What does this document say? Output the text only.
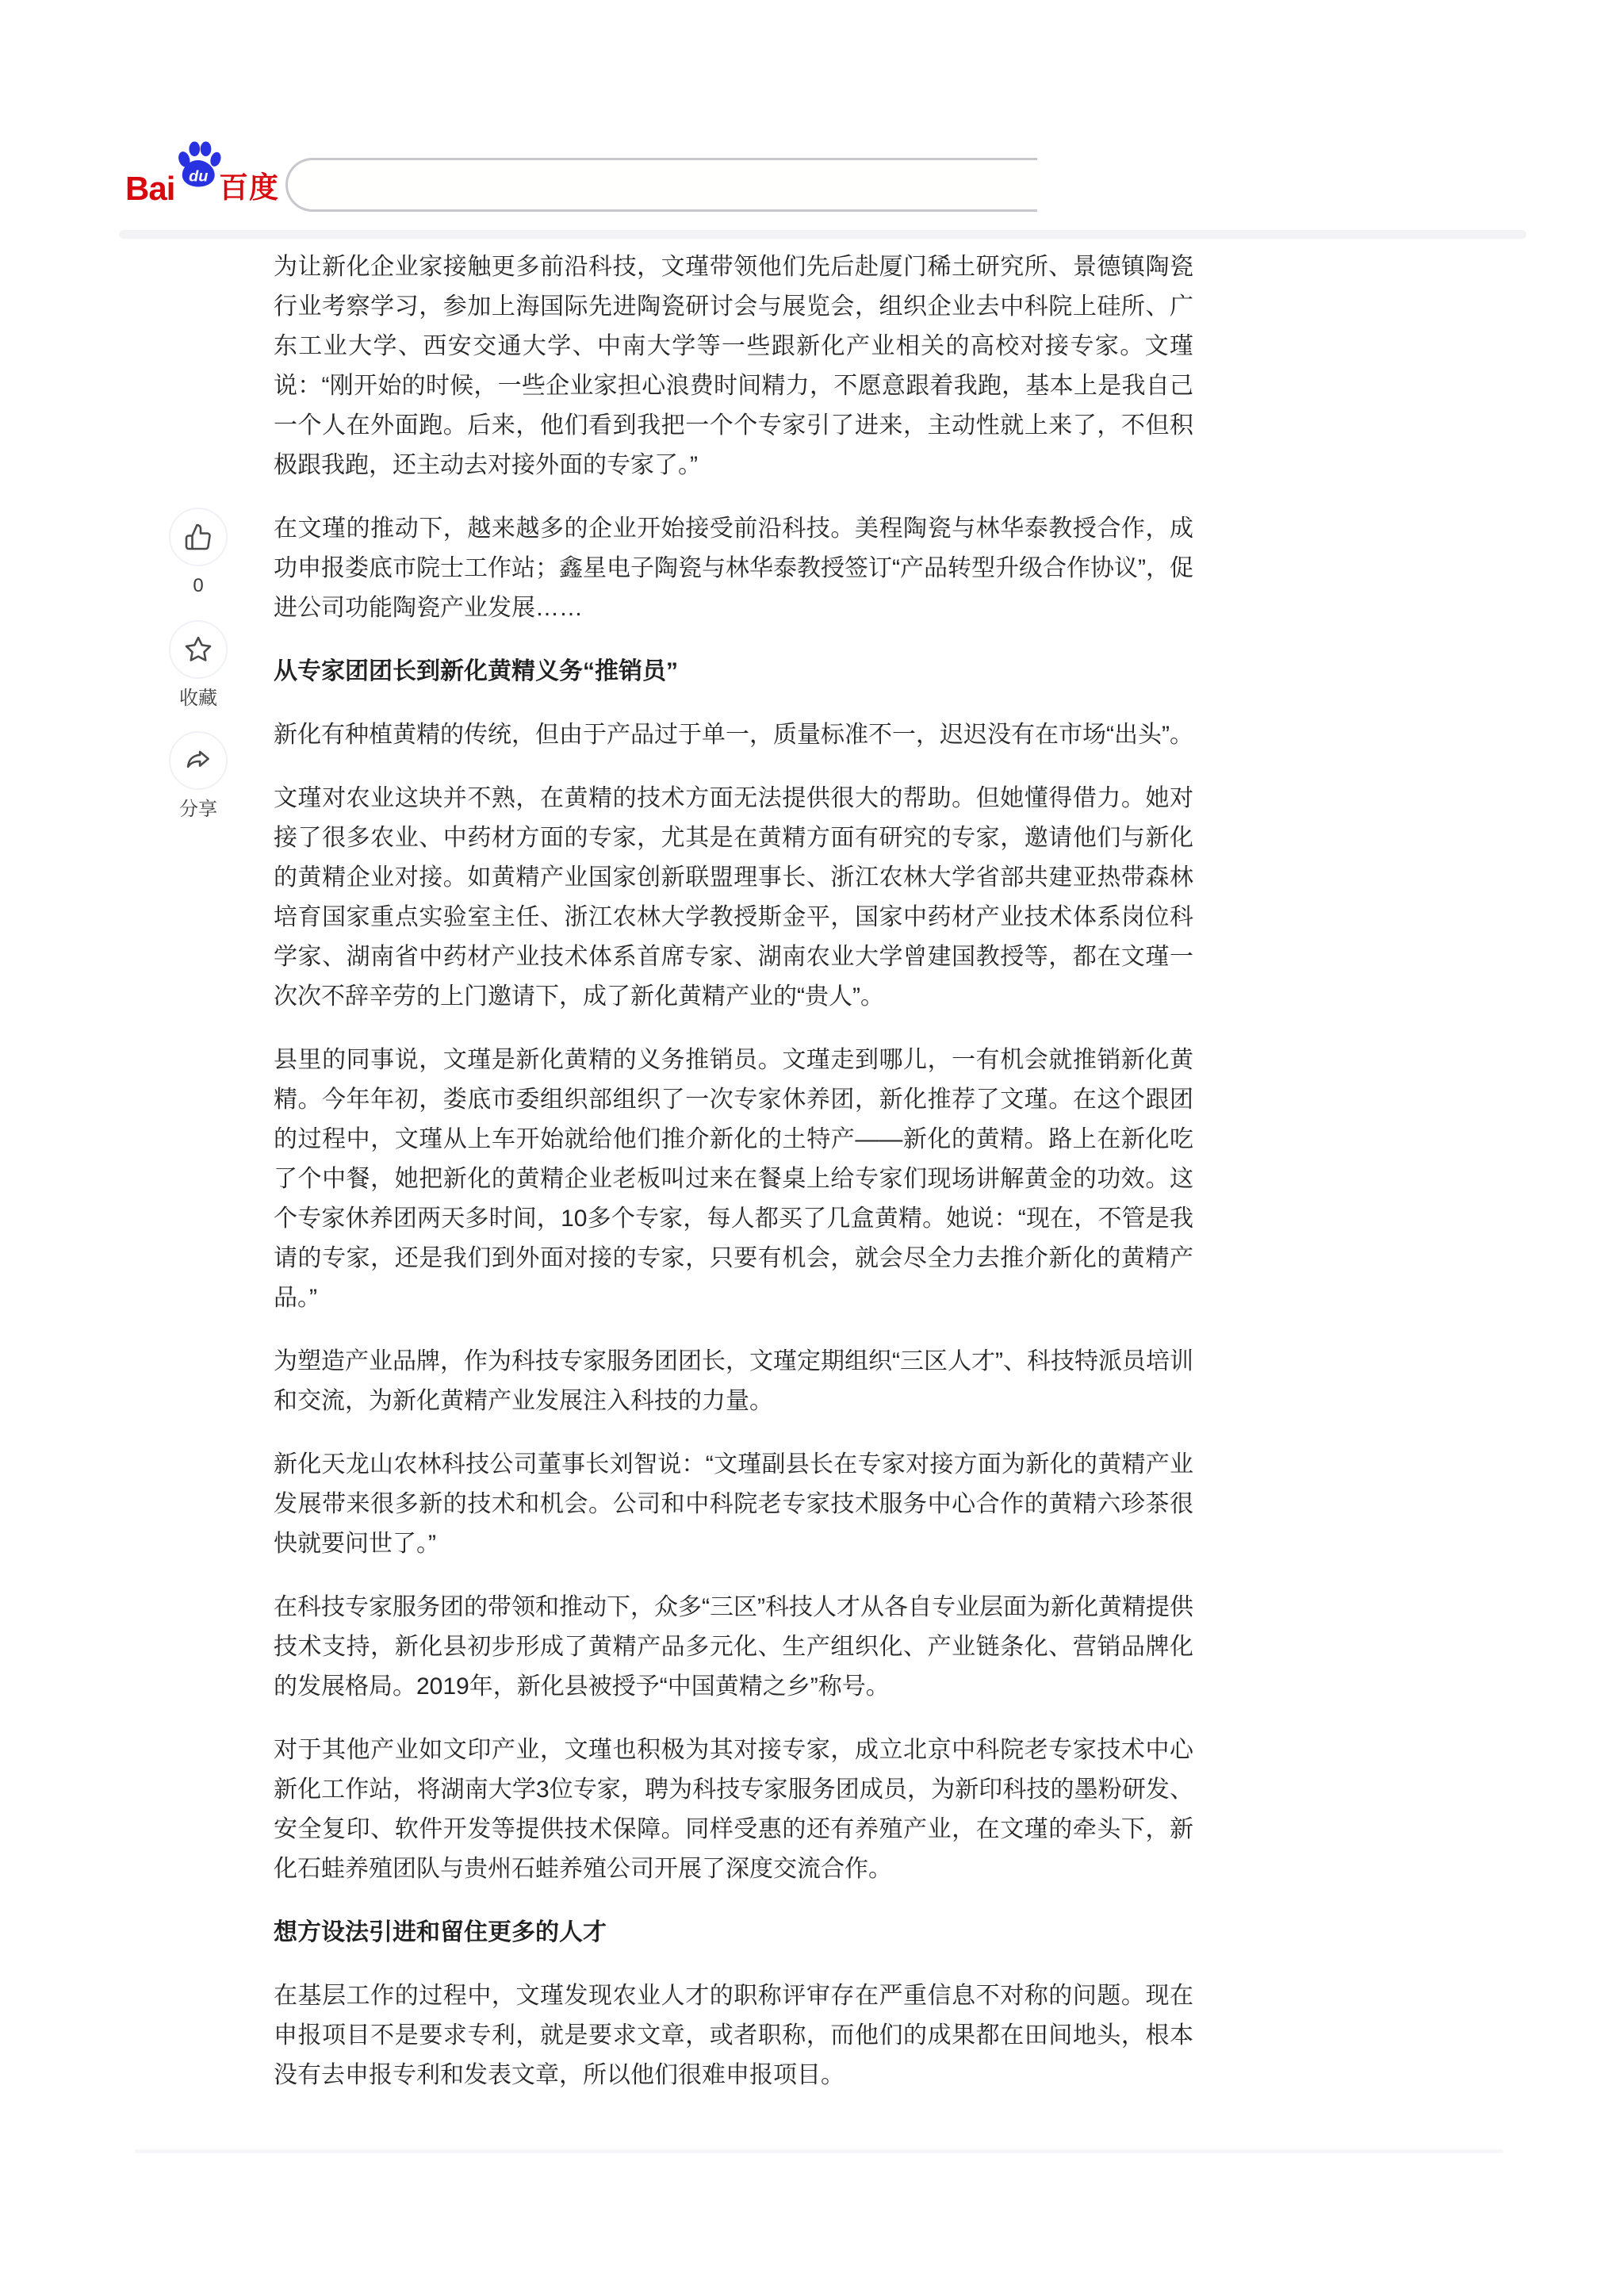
Bai du 百度
0
收藏
分享

为让新化企业家接触更多前沿科技，文瑾带领他们先后赴厦门稀土研究所、景德镇陶瓷行业考察学习，参加上海国际先进陶瓷研讨会与展览会，组织企业去中科院上硅所、广东工业大学、西安交通大学、中南大学等一些跟新化产业相关的高校对接专家。文瑾说：“刚开始的时候，一些企业家担心浪费时间精力，不愿意跟着我跑，基本上是我自己一个人在外面跑。后来，他们看到我把一个个专家引了进来，主动性就上来了，不但积极跟我跑，还主动去对接外面的专家了。”

在文瑾的推动下，越来越多的企业开始接受前沿科技。美程陶瓷与林华泰教授合作，成功申报娄底市院士工作站；鑫星电子陶瓷与林华泰教授签订“产品转型升级合作协议”，促进公司功能陶瓷产业发展……

从专家团团长到新化黄精义务“推销员”

新化有种植黄精的传统，但由于产品过于单一，质量标准不一，迟迟没有在市场“出头”。

文瑾对农业这块并不熟，在黄精的技术方面无法提供很大的帮助。但她懂得借力。她对接了很多农业、中药材方面的专家，尤其是在黄精方面有研究的专家，邀请他们与新化的黄精企业对接。如黄精产业国家创新联盟理事长、浙江农林大学省部共建亚热带森林培育国家重点实验室主任、浙江农林大学教授斯金平，国家中药材产业技术体系岗位科学家、湖南省中药材产业技术体系首席专家、湖南农业大学曾建国教授等，都在文瑾一次次不辞辛劳的上门邀请下，成了新化黄精产业的“贵人”。

县里的同事说，文瑾是新化黄精的义务推销员。文瑾走到哪儿，一有机会就推销新化黄精。今年年初，娄底市委组织部组织了一次专家休养团，新化推荐了文瑾。在这个跟团的过程中，文瑾从上车开始就给他们推介新化的土特产——新化的黄精。路上在新化吃了个中餐，她把新化的黄精企业老板叫过来在餐桌上给专家们现场讲解黄金的功效。这个专家休养团两天多时间，10多个专家，每人都买了几盒黄精。她说：“现在，不管是我请的专家，还是我们到外面对接的专家，只要有机会，就会尽全力去推介新化的黄精产品。”

为塑造产业品牌，作为科技专家服务团团长，文瑾定期组织“三区人才”、科技特派员培训和交流，为新化黄精产业发展注入科技的力量。

新化天龙山农林科技公司董事长刘智说：“文瑾副县长在专家对接方面为新化的黄精产业发展带来很多新的技术和机会。公司和中科院老专家技术服务中心合作的黄精六珍茶很快就要问世了。”

在科技专家服务团的带领和推动下，众多“三区”科技人才从各自专业层面为新化黄精提供技术支持，新化县初步形成了黄精产品多元化、生产组织化、产业链条化、营销品牌化的发展格局。2019年，新化县被授予“中国黄精之乡”称号。

对于其他产业如文印产业，文瑾也积极为其对接专家，成立北京中科院老专家技术中心新化工作站，将湖南大学3位专家，聘为科技专家服务团成员，为新印科技的墨粉研发、安全复印、软件开发等提供技术保障。同样受惠的还有养殖产业，在文瑾的牵头下，新化石蛙养殖团队与贵州石蛙养殖公司开展了深度交流合作。

想方设法引进和留住更多的人才

在基层工作的过程中，文瑾发现农业人才的职称评审存在严重信息不对称的问题。现在申报项目不是要求专利，就是要求文章，或者职称，而他们的成果都在田间地头，根本没有去申报专利和发表文章，所以他们很难申报项目。
